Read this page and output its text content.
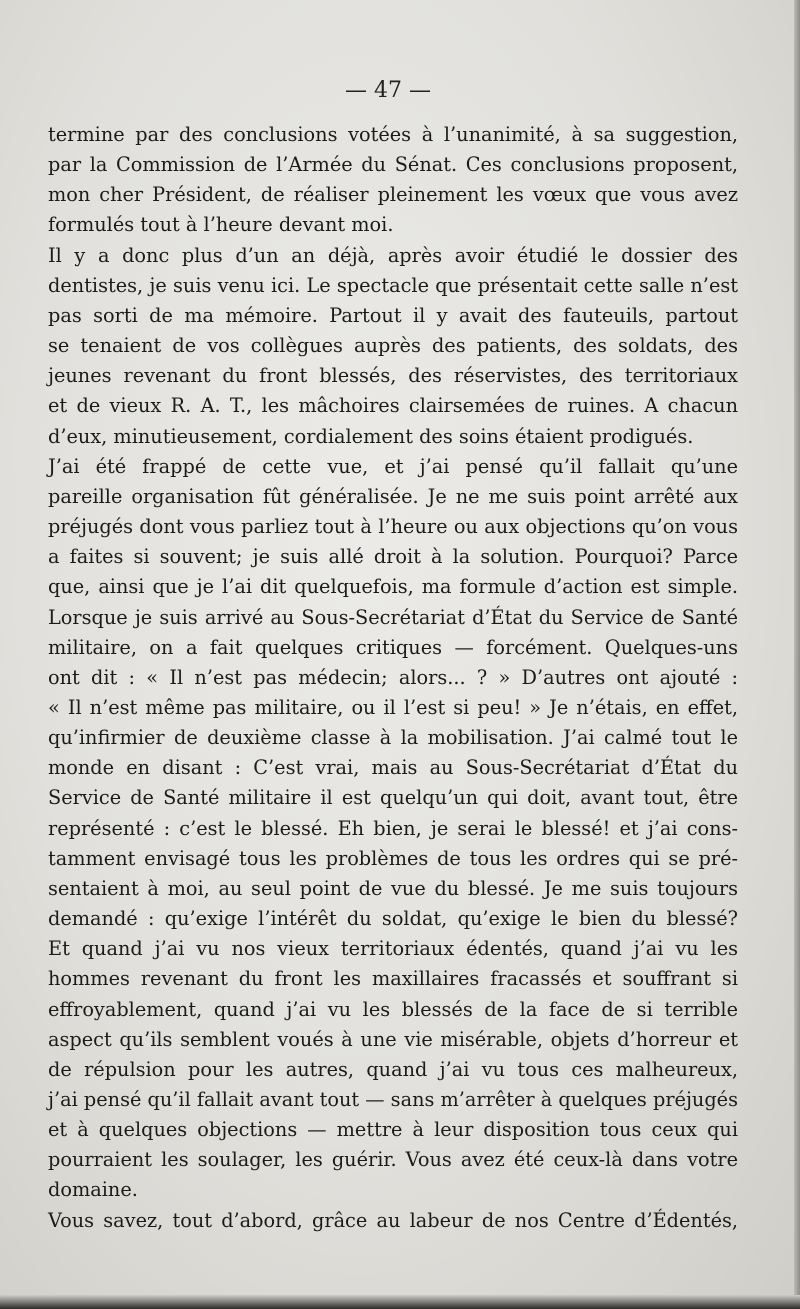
— 47 —

termine par des conclusions votées à l’unanimité, à sa suggestion,

par la Commission de l’Armée du Sénat. Ces conclusions proposent,

mon cher Président, de réaliser pleinement les vœux que vous avez

formulés tout à l’heure devant moi.

Il y a donc plus d’un an déjà, après avoir étudié le dossier des

dentistes, je suis venu ici. Le spectacle que présentait cette salle n’est

pas sorti de ma mémoire. Partout il y avait des fauteuils, partout

se tenaient de vos collègues auprès des patients, des soldats, des

jeunes revenant du front blessés, des réservistes, des territoriaux

et de vieux R. A. T., les mâchoires clairsemées de ruines. A chacun

d’eux, minutieusement, cordialement des soins étaient prodigués.

J’ai été frappé de cette vue, et j’ai pensé qu’il fallait qu’une

pareille organisation fût généralisée. Je ne me suis point arrêté aux

préjugés dont vous parliez tout à l’heure ou aux objections qu’on vous

a faites si souvent; je suis allé droit à la solution. Pourquoi? Parce

que, ainsi que je l’ai dit quelquefois, ma formule d’action est simple.

Lorsque je suis arrivé au Sous-Secrétariat d’État du Service de Santé

militaire, on a fait quelques critiques — forcément. Quelques-uns

ont dit : « Il n’est pas médecin; alors... ? » D’autres ont ajouté :

« Il n’est même pas militaire, ou il l’est si peu! » Je n’étais, en effet,

qu’infirmier de deuxième classe à la mobilisation. J’ai calmé tout le

monde en disant : C’est vrai, mais au Sous-Secrétariat d’État du

Service de Santé militaire il est quelqu’un qui doit, avant tout, être

représenté : c’est le blessé. Eh bien, je serai le blessé! et j’ai cons-

tamment envisagé tous les problèmes de tous les ordres qui se pré-

sentaient à moi, au seul point de vue du blessé. Je me suis toujours

demandé : qu’exige l’intérêt du soldat, qu’exige le bien du blessé?

Et quand j’ai vu nos vieux territoriaux édentés, quand j’ai vu les

hommes revenant du front les maxillaires fracassés et souffrant si

effroyablement, quand j’ai vu les blessés de la face de si terrible

aspect qu’ils semblent voués à une vie misérable, objets d’horreur et

de répulsion pour les autres, quand j’ai vu tous ces malheureux,

j’ai pensé qu’il fallait avant tout — sans m’arrêter à quelques préjugés

et à quelques objections — mettre à leur disposition tous ceux qui

pourraient les soulager, les guérir. Vous avez été ceux-là dans votre

domaine.

Vous savez, tout d’abord, grâce au labeur de nos Centre d’Édentés,
